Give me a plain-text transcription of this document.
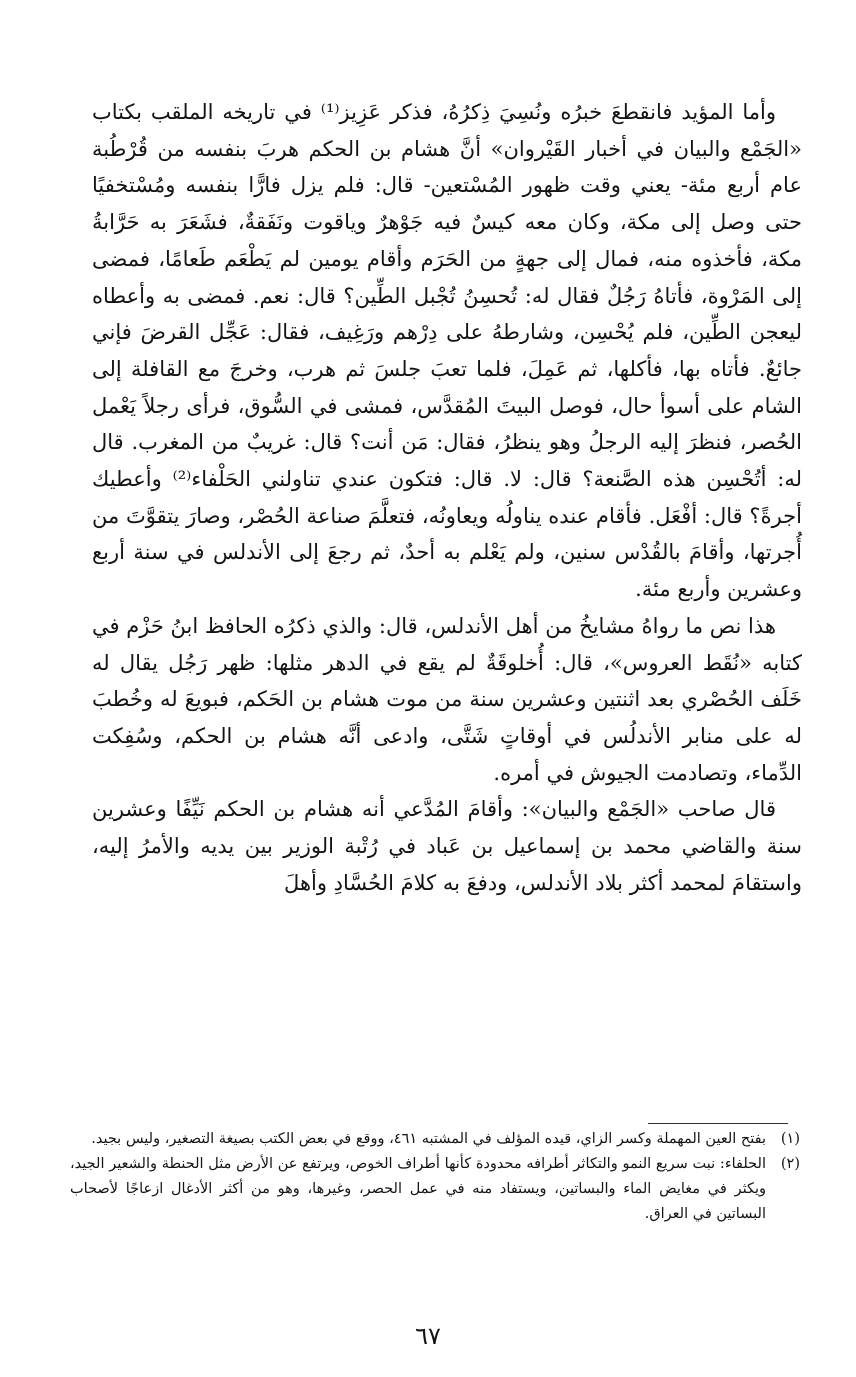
وأما المؤيد فانقطعَ خبرُه ونُسِيَ ذِكرُهُ، فذكر عَزِيز⁽¹⁾ في تاريخه الملقب بكتاب «الجَمْع والبيان في أخبار القَيْروان» أنَّ هشام بن الحكم هربَ بنفسه من قُرْطُبة عام أربع مئة- يعني وقت ظهور المُسْتعين- قال: فلم يزل فارًّا بنفسه ومُسْتخفيًا حتى وصل إلى مكة، وكان معه كيسٌ فيه جَوْهرٌ وياقوت ونَفَقةٌ، فشَعَرَ به حَرَّابةُ مكة، فأخذوه منه، فمال إلى جهةٍ من الحَرَم وأقام يومين لم يَطْعَم طَعامًا، فمضى إلى المَرْوة، فأتاهُ رَجُلٌ فقال له: تُحسِنُ تُجْبل الطِّين؟ قال: نعم. فمضى به وأعطاه ليعجن الطِّين، فلم يُحْسِن، وشارطهُ على دِرْهم ورَغِيف، فقال: عَجِّل القرضَ فإني جائعٌ. فأتاه بها، فأكلها، ثم عَمِلَ، فلما تعبَ جلسَ ثم هرب، وخرجَ مع القافلة إلى الشام على أسوأ حال، فوصل البيتَ المُقدَّس، فمشى في السُّوق، فرأى رجلاً يَعْمل الحُصر، فنظرَ إليه الرجلُ وهو ينظرُ، فقال: مَن أنت؟ قال: غريبٌ من المغرب. قال له: أتُحْسِن هذه الصَّنعة؟ قال: لا. قال: فتكون عندي تناولني الحَلْفاء⁽²⁾ وأعطيك أجرةً؟ قال: أفْعَل. فأقام عنده يناولُه ويعاونُه، فتعلَّمَ صناعة الحُصْر، وصارَ يتقوَّتَ من أُجرتها، وأقامَ بالقُدْس سنين، ولم يَعْلم به أحدٌ، ثم رجعَ إلى الأندلس في سنة أربع وعشرين وأربع مئة.

هذا نص ما رواهُ مشايخُ من أهل الأندلس، قال: والذي ذكرُه الحافظ ابنُ حَزْم في كتابه «نُقَط العروس»، قال: أُخلوقَةٌ لم يقع في الدهر مثلها: ظهر رَجُل يقال له خَلَف الحُصْري بعد اثنتين وعشرين سنة من موت هشام بن الحَكم، فبويعَ له وخُطبَ له على منابر الأندلُس في أوقاتٍ شَتَّى، وادعى أنَّه هشام بن الحكم، وسُفِكت الدِّماء، وتصادمت الجيوش في أمره.

قال صاحب «الجَمْع والبيان»: وأقامَ المُدَّعي أنه هشام بن الحكم نَيِّفًا وعشرين سنة والقاضي محمد بن إسماعيل بن عَباد في رُتْبة الوزير بين يديه والأمرُ إليه، واستقامَ لمحمد أكثر بلاد الأندلس، ودفعَ به كلامَ الحُسَّادِ وأهلَ

(١)
بفتح العين المهملة وكسر الزاي، قيده المؤلف في المشتبه ٤٦١، ووقع في بعض الكتب بصيغة التصغير، وليس بجيد.
(٢)
الحلفاء: نبت سريع النمو والتكاثر أطرافه محدودة كأنها أطراف الخوص، ويرتفع عن الأرض مثل الحنطة والشعير الجيد، ويكثر في مغايض الماء والبساتين، ويستفاد منه في عمل الحصر، وغيرها، وهو من أكثر الأدغال ازعاجًا لأصحاب البساتين في العراق.
٦٧
